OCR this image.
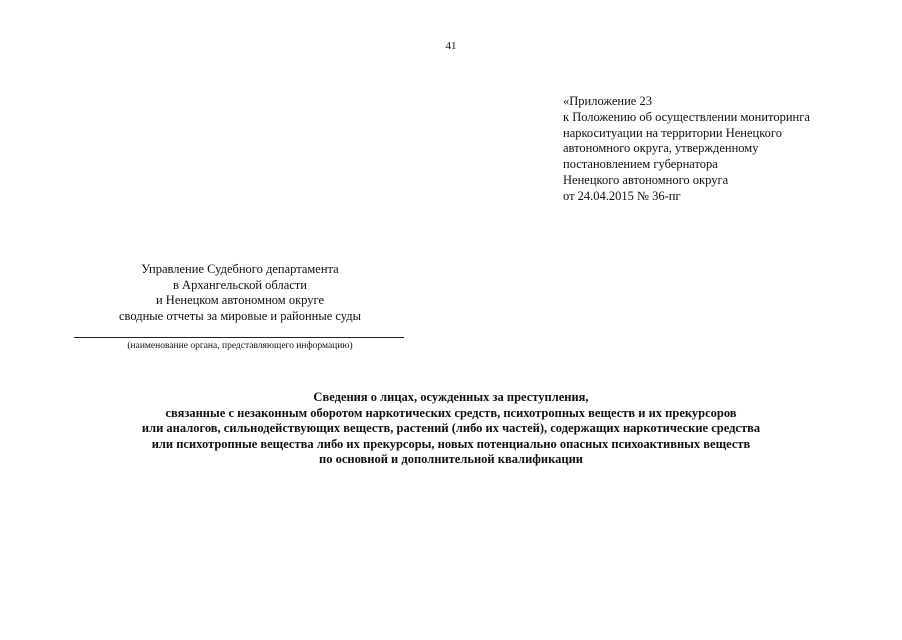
41
«Приложение 23
к Положению об осуществлении мониторинга
наркоситуации на территории Ненецкого
автономного округа, утвержденному
постановлением губернатора
Ненецкого автономного округа
от 24.04.2015 № 36-пг
Управление Судебного департамента
в Архангельской области
и Ненецком автономном округе
сводные отчеты за мировые и районные суды
(наименование органа, представляющего информацию)
Сведения о лицах, осужденных за преступления,
связанные с незаконным оборотом наркотических средств, психотропных веществ и их прекурсоров
или аналогов, сильнодействующих веществ, растений (либо их частей), содержащих наркотические средства
или психотропные вещества либо их прекурсоры, новых потенциально опасных психоактивных веществ
по основной и дополнительной квалификации
